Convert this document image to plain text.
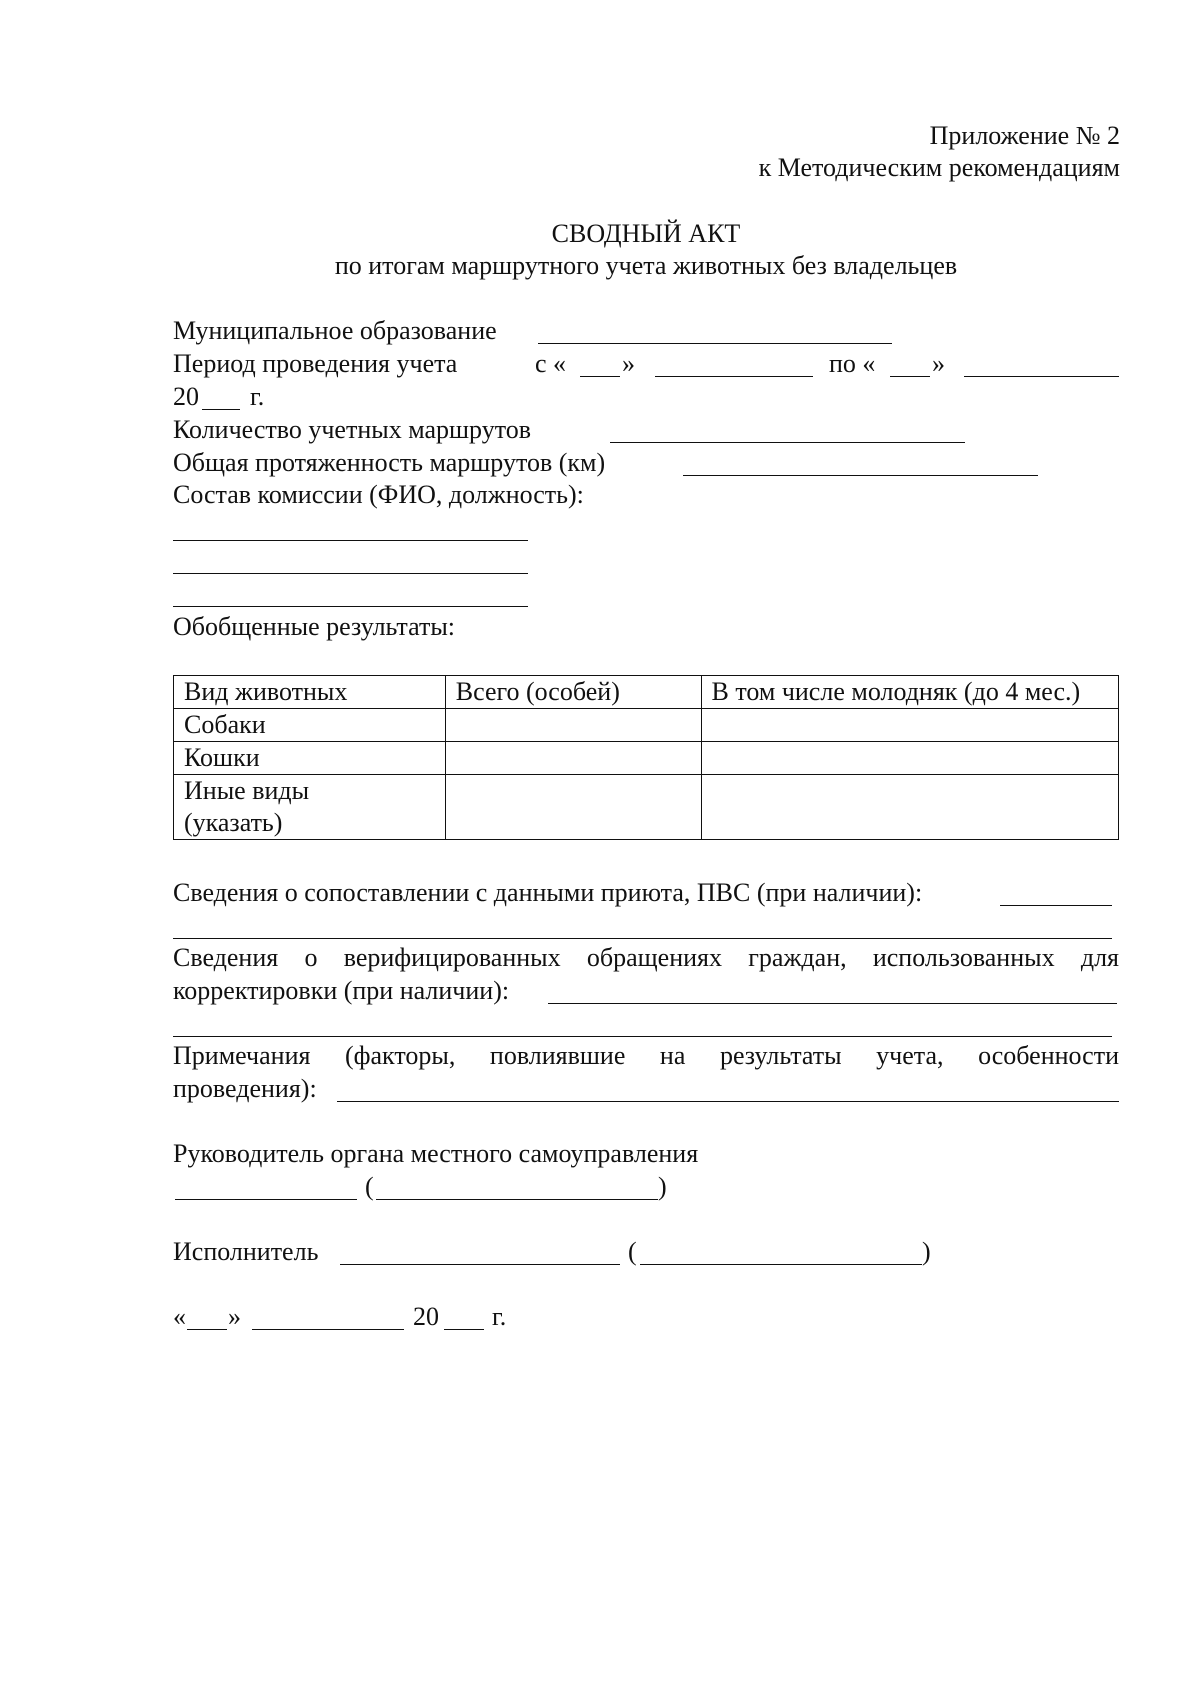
Приложение № 2
к Методическим рекомендациям
СВОДНЫЙ АКТ
по итогам маршрутного учета животных без владельцев
Муниципальное образование
Период проведения учета	с « »	по « »
20 г.
Количество учетных маршрутов
Общая протяженность маршрутов (км)
Состав комиссии (ФИО, должность):
Обобщенные результаты:
Вид животных	Всего (особей)	В том числе молодняк (до 4 мес.)
Собаки		
Кошки		

Иные виды
(указать)		

Сведения о сопоставлении с данными приюта, ПВС (при наличии):
Сведения о верифицированных обращениях граждан, использованных для
корректировки (при наличии):
Примечания (факторы, повлиявшие на результаты учета, особенности
проведения):
Руководитель органа местного самоуправления
(	)
Исполнитель	(	)
« »	20 г.
